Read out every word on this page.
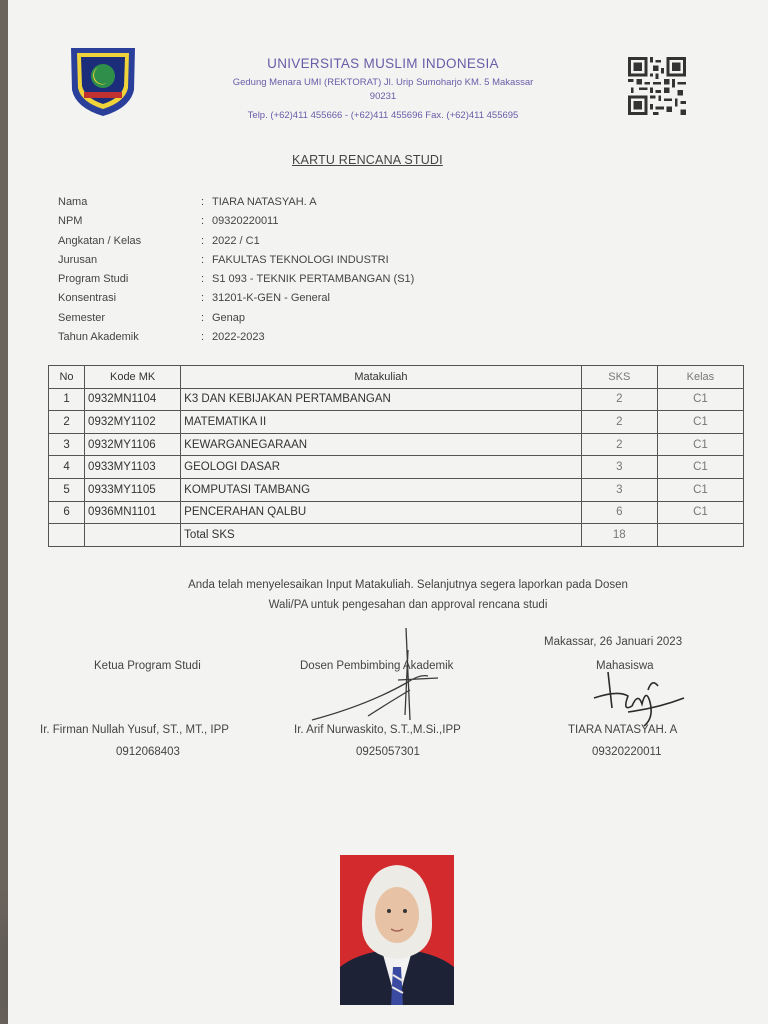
UNIVERSITAS MUSLIM INDONESIA
Gedung Menara UMI (REKTORAT) Jl. Urip Sumoharjo KM. 5 Makassar
90231
Telp. (+62)411 455666 - (+62)411 455696 Fax. (+62)411 455695
KARTU RENCANA STUDI
Nama	: TIARA NATASYAH. A
NPM	: 09320220011
Angkatan / Kelas	: 2022 / C1
Jurusan	: FAKULTAS TEKNOLOGI INDUSTRI
Program Studi	: S1 093 - TEKNIK PERTAMBANGAN (S1)
Konsentrasi	: 31201-K-GEN - General
Semester	: Genap
Tahun Akademik	: 2022-2023
No	Kode MK	Matakuliah	SKS	Kelas
1	0932MN1104	K3 DAN KEBIJAKAN PERTAMBANGAN	2	C1
2	0932MY1102	MATEMATIKA II	2	C1
3	0932MY1106	KEWARGANEGARAAN	2	C1
4	0933MY1103	GEOLOGI DASAR	3	C1
5	0933MY1105	KOMPUTASI TAMBANG	3	C1
6	0936MN1101	PENCERAHAN QALBU	6	C1
		Total SKS	18	
Anda telah menyelesaikan Input Matakuliah. Selanjutnya segera laporkan pada Dosen
Wali/PA untuk pengesahan dan approval rencana studi
Makassar, 26 Januari 2023
Ketua Program Studi	Dosen Pembimbing Akademik	Mahasiswa
Ir. Firman Nullah Yusuf, ST., MT., IPP	Ir. Arif Nurwaskito, S.T.,M.Si.,IPP	TIARA NATASYAH. A
0912068403	0925057301	09320220011
